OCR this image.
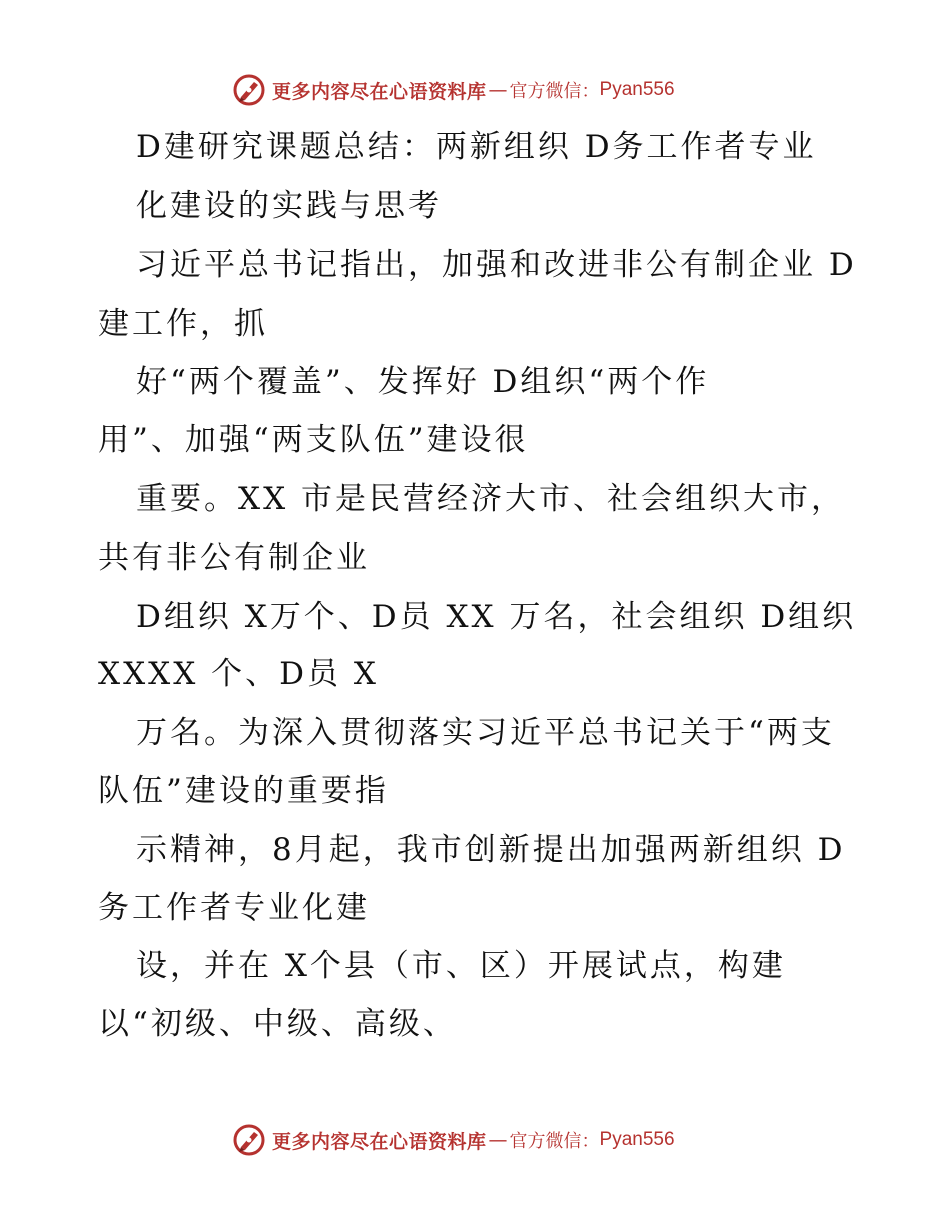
更多内容尽在心语资料库 — 官方微信： Pyan556
D建研究课题总结：两新组织 D务工作者专业
化建设的实践与思考
习近平总书记指出，加强和改进非公有制企业 D
建工作，抓
好“两个覆盖”、发挥好 D组织“两个作
用”、加强“两支队伍”建设很
重要。XX 市是民营经济大市、社会组织大市，
共有非公有制企业
D组织 X万个、D员 XX 万名，社会组织 D组织
XXXX 个、D员 X
万名。为深入贯彻落实习近平总书记关于“两支
队伍”建设的重要指
示精神，8月起，我市创新提出加强两新组织 D
务工作者专业化建
设，并在 X个县（市、区）开展试点，构建
以“初级、中级、高级、
更多内容尽在心语资料库 — 官方微信： Pyan556
